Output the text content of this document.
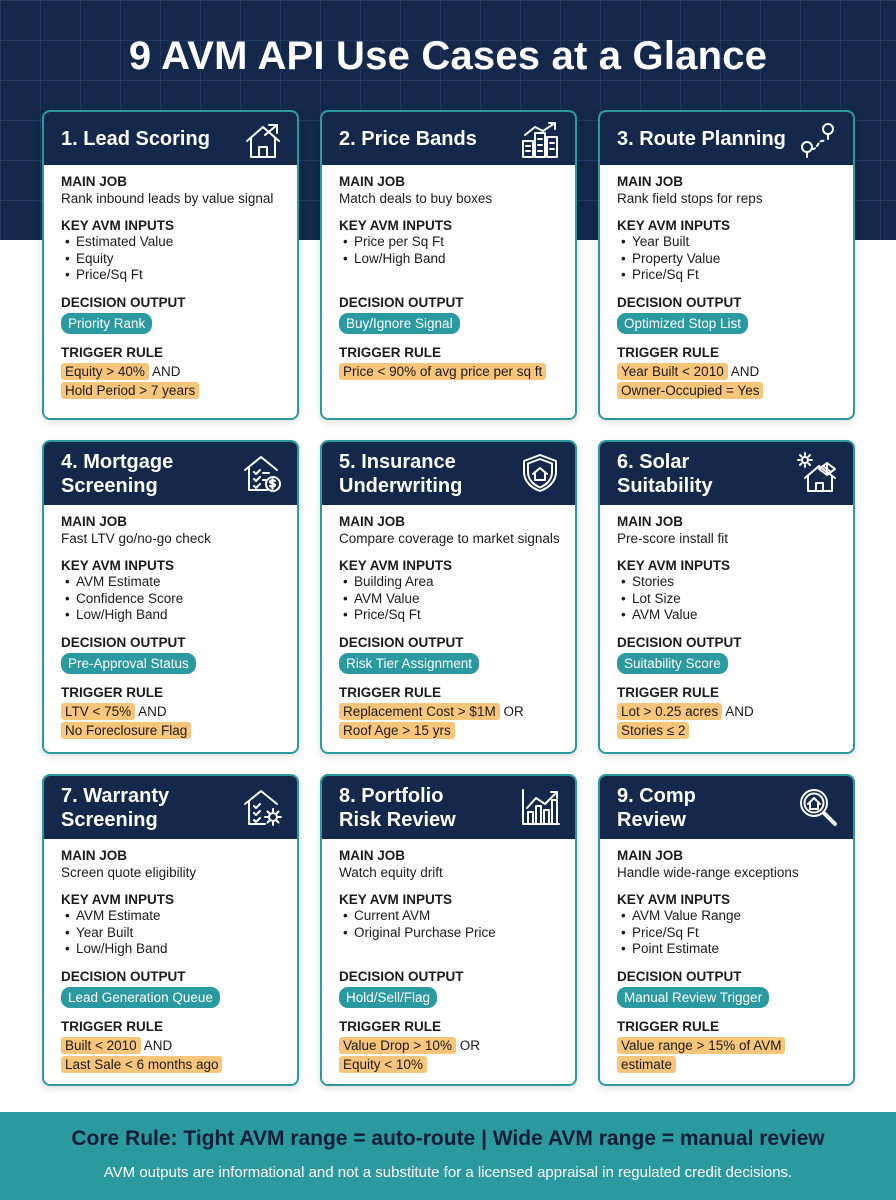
9 AVM API Use Cases at a Glance
1. Lead Scoring
MAIN JOB
Rank inbound leads by value signal
KEY AVM INPUTS
• Estimated Value
• Equity
• Price/Sq Ft
DECISION OUTPUT
Priority Rank
TRIGGER RULE
Equity > 40% AND
Hold Period > 7 years
2. Price Bands
MAIN JOB
Match deals to buy boxes
KEY AVM INPUTS
• Price per Sq Ft
• Low/High Band
DECISION OUTPUT
Buy/Ignore Signal
TRIGGER RULE
Price < 90% of avg price per sq ft
3. Route Planning
MAIN JOB
Rank field stops for reps
KEY AVM INPUTS
• Year Built
• Property Value
• Price/Sq Ft
DECISION OUTPUT
Optimized Stop List
TRIGGER RULE
Year Built < 2010 AND
Owner-Occupied = Yes
4. Mortgage Screening
MAIN JOB
Fast LTV go/no-go check
KEY AVM INPUTS
• AVM Estimate
• Confidence Score
• Low/High Band
DECISION OUTPUT
Pre-Approval Status
TRIGGER RULE
LTV < 75% AND
No Foreclosure Flag
5. Insurance Underwriting
MAIN JOB
Compare coverage to market signals
KEY AVM INPUTS
• Building Area
• AVM Value
• Price/Sq Ft
DECISION OUTPUT
Risk Tier Assignment
TRIGGER RULE
Replacement Cost > $1M OR
Roof Age > 15 yrs
6. Solar Suitability
MAIN JOB
Pre-score install fit
KEY AVM INPUTS
• Stories
• Lot Size
• AVM Value
DECISION OUTPUT
Suitability Score
TRIGGER RULE
Lot > 0.25 acres AND
Stories ≤ 2
7. Warranty Screening
MAIN JOB
Screen quote eligibility
KEY AVM INPUTS
• AVM Estimate
• Year Built
• Low/High Band
DECISION OUTPUT
Lead Generation Queue
TRIGGER RULE
Built < 2010 AND
Last Sale < 6 months ago
8. Portfolio Risk Review
MAIN JOB
Watch equity drift
KEY AVM INPUTS
• Current AVM
• Original Purchase Price
DECISION OUTPUT
Hold/Sell/Flag
TRIGGER RULE
Value Drop > 10% OR
Equity < 10%
9. Comp Review
MAIN JOB
Handle wide-range exceptions
KEY AVM INPUTS
• AVM Value Range
• Price/Sq Ft
• Point Estimate
DECISION OUTPUT
Manual Review Trigger
TRIGGER RULE
Value range > 15% of AVM
estimate
Core Rule: Tight AVM range = auto-route | Wide AVM range = manual review
AVM outputs are informational and not a substitute for a licensed appraisal in regulated credit decisions.
